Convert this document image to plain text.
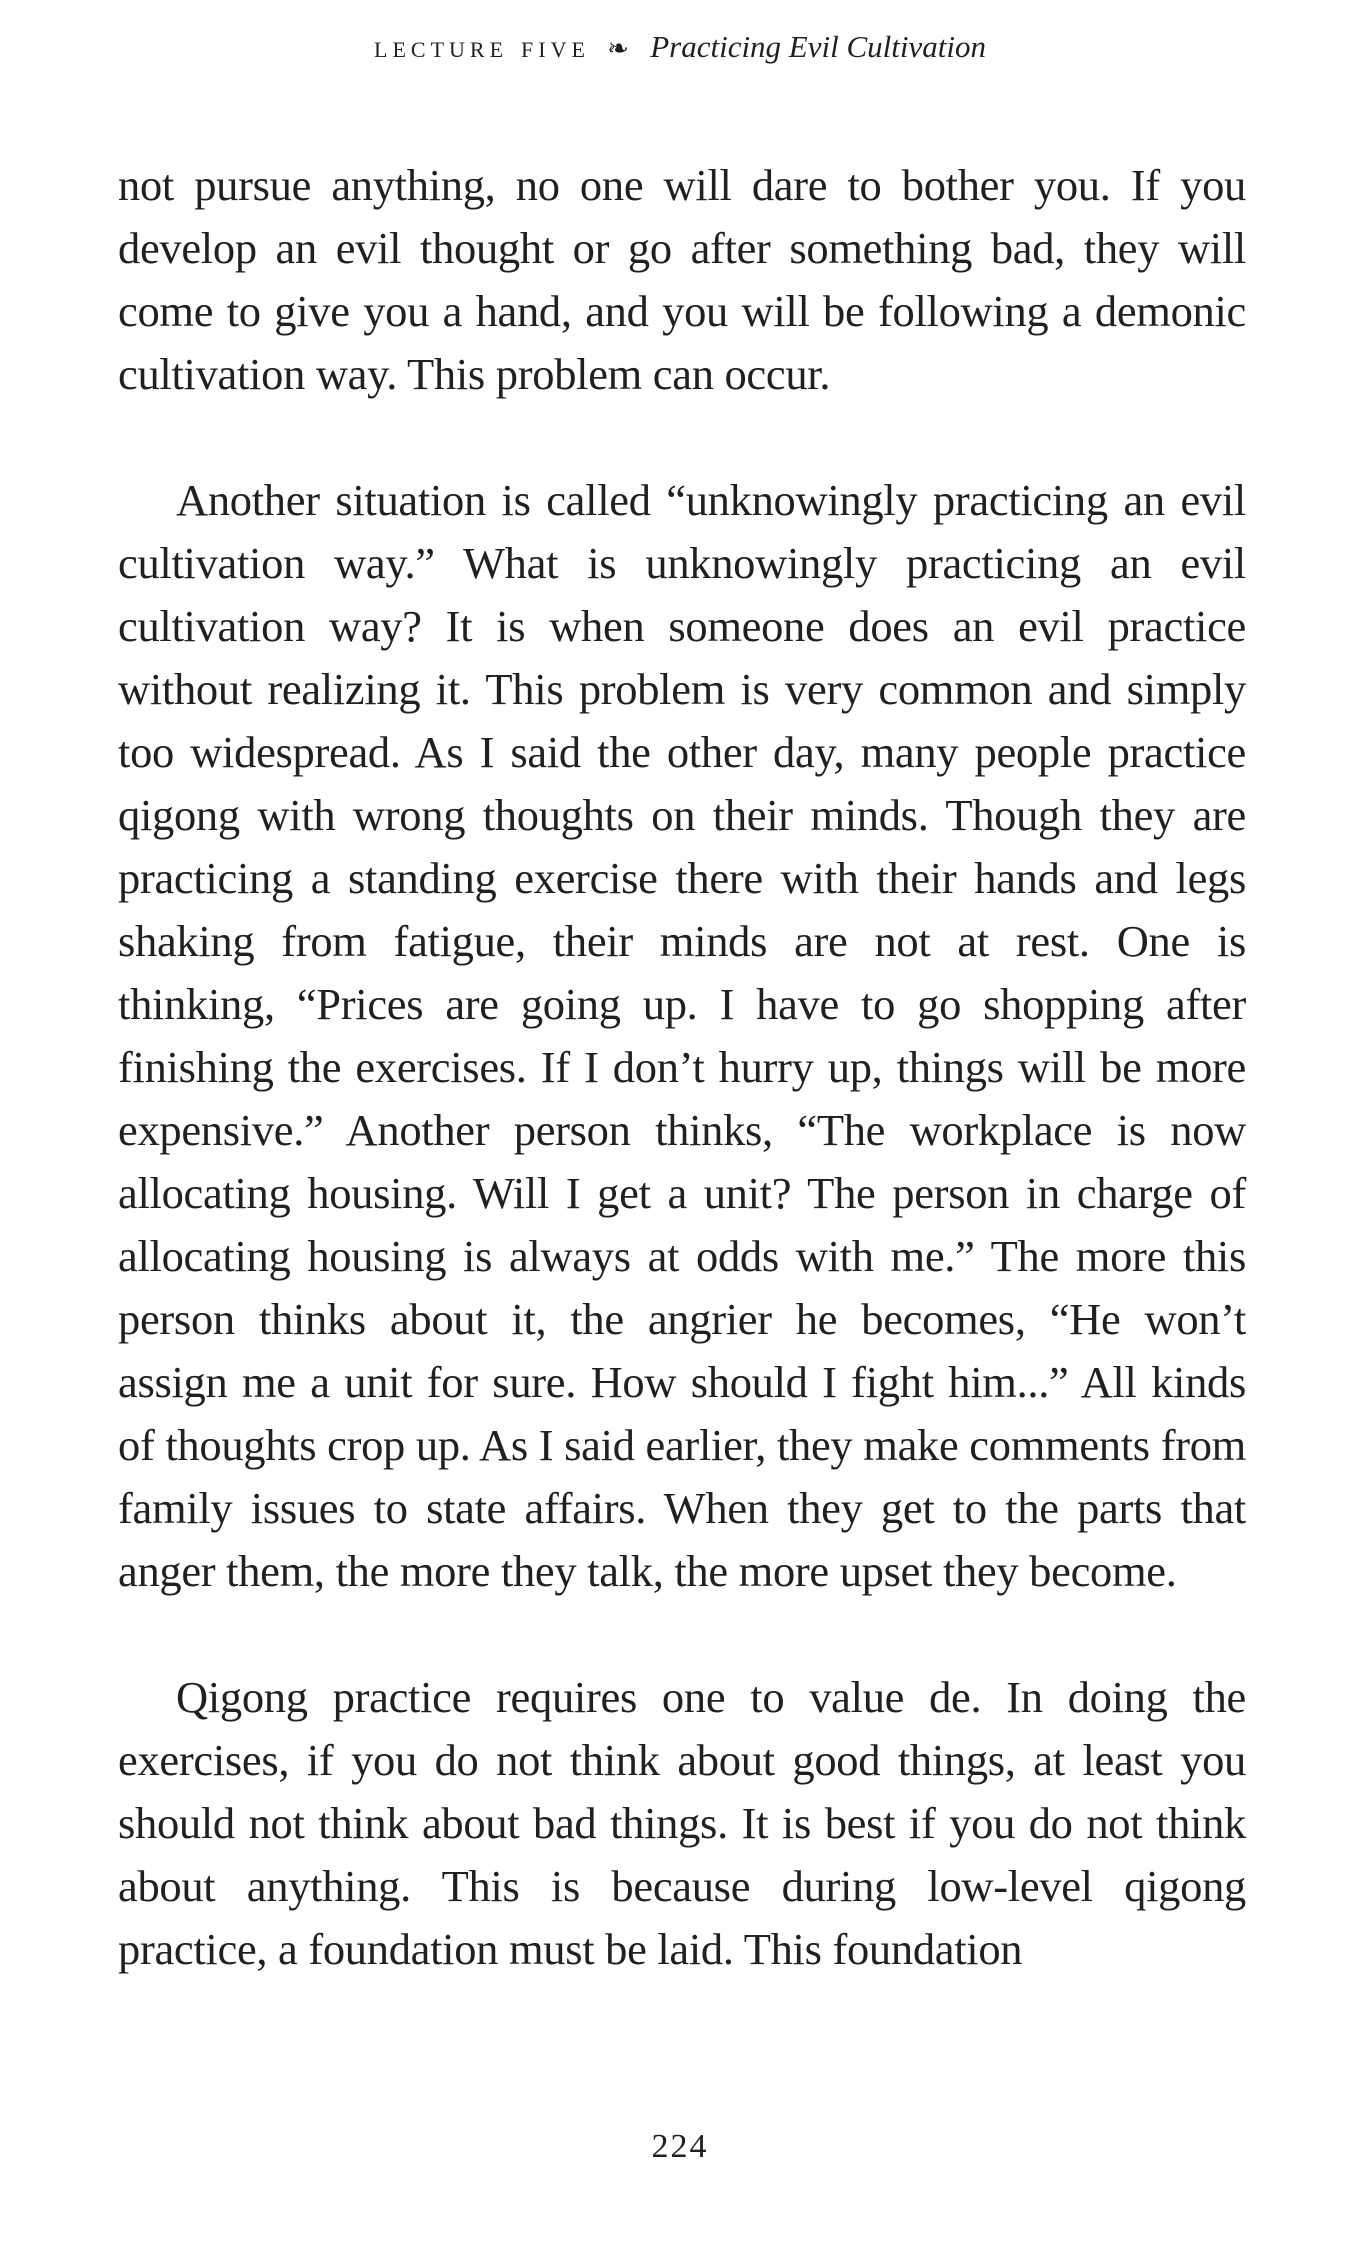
lecture five ❧ Practicing Evil Cultivation

not pursue anything, no one will dare to bother you. If you develop an evil thought or go after something bad, they will come to give you a hand, and you will be following a demonic cultivation way. This problem can occur.

Another situation is called “unknowingly practicing an evil cultivation way.” What is unknowingly practicing an evil cultivation way? It is when someone does an evil practice without realizing it. This problem is very common and simply too widespread. As I said the other day, many people practice qigong with wrong thoughts on their minds. Though they are practicing a standing exercise there with their hands and legs shaking from fatigue, their minds are not at rest. One is thinking, “Prices are going up. I have to go shopping after finishing the exercises. If I don’t hurry up, things will be more expensive.” Another person thinks, “The workplace is now allocating housing. Will I get a unit? The person in charge of allocating housing is always at odds with me.” The more this person thinks about it, the angrier he becomes, “He won’t assign me a unit for sure. How should I fight him...” All kinds of thoughts crop up. As I said earlier, they make comments from family issues to state affairs. When they get to the parts that anger them, the more they talk, the more upset they become.

Qigong practice requires one to value de. In doing the exercises, if you do not think about good things, at least you should not think about bad things. It is best if you do not think about anything. This is because during low-level qigong practice, a foundation must be laid. This foundation

224
